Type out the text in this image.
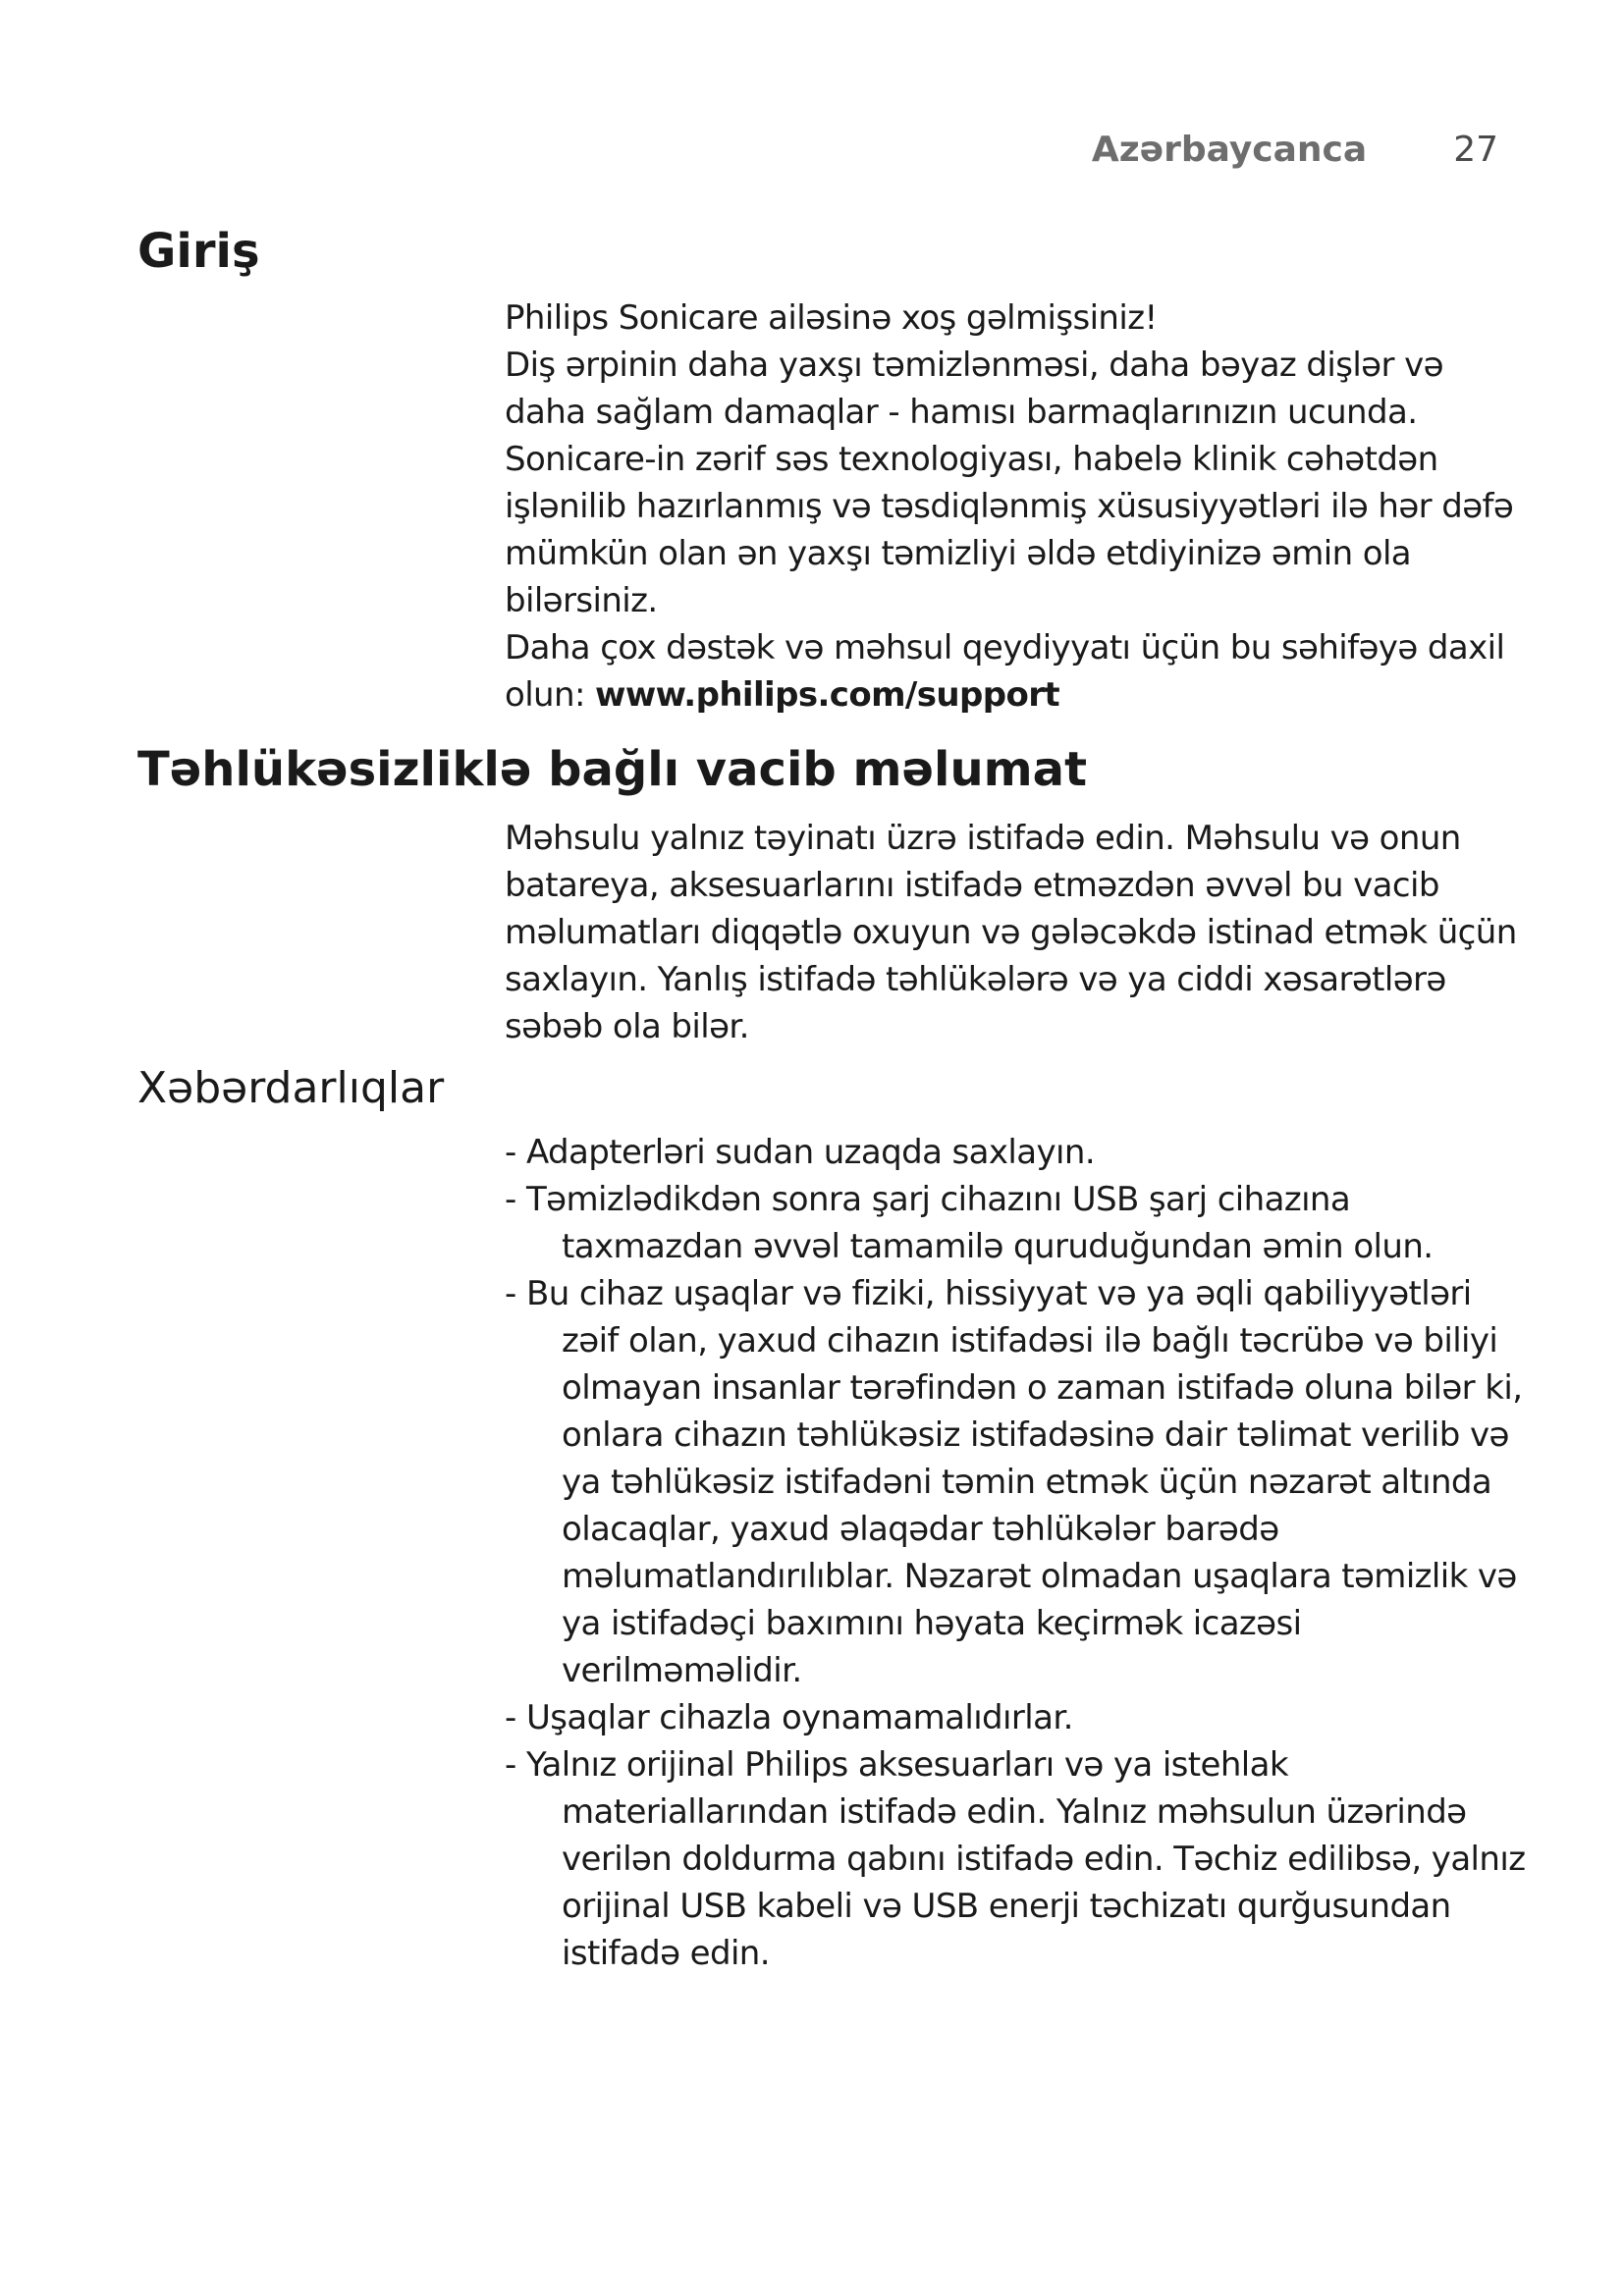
Azərbaycanca 27
Giriş

Philips Sonicare ailəsinə xoş gəlmişsiniz!

Diş ərpinin daha yaxşı təmizlənməsi, daha bəyaz dişlər və daha sağlam damaqlar - hamısı barmaqlarınızın ucunda. Sonicare-in zərif səs texnologiyası, habelə klinik cəhətdən işlənilib hazırlanmış və təsdiqlənmiş xüsusiyyətləri ilə hər dəfə mümkün olan ən yaxşı təmizliyi əldə etdiyinizə əmin ola bilərsiniz.

Daha çox dəstək və məhsul qeydiyyatı üçün bu səhifəyə daxil olun: www.philips.com/support

Təhlükəsizliklə bağlı vacib məlumat

Məhsulu yalnız təyinatı üzrə istifadə edin. Məhsulu və onun batareya, aksesuarlarını istifadə etməzdən əvvəl bu vacib məlumatları diqqətlə oxuyun və gələcəkdə istinad etmək üçün saxlayın. Yanlış istifadə təhlükələrə və ya ciddi xəsarətlərə səbəb ola bilər.

Xəbərdarlıqlar
- Adapterləri sudan uzaqda saxlayın.
- Təmizlədikdən sonra şarj cihazını USB şarj cihazına taxmazdan əvvəl tamamilə quruduğundan əmin olun.
- Bu cihaz uşaqlar və fiziki, hissiyyat və ya əqli qabiliyyətləri zəif olan, yaxud cihazın istifadəsi ilə bağlı təcrübə və biliyi olmayan insanlar tərəfindən o zaman istifadə oluna bilər ki, onlara cihazın təhlükəsiz istifadəsinə dair təlimat verilib və ya təhlükəsiz istifadəni təmin etmək üçün nəzarət altında olacaqlar, yaxud əlaqədar təhlükələr barədə məlumatlandırılıblar. Nəzarət olmadan uşaqlara təmizlik və ya istifadəçi baxımını həyata keçirmək icazəsi verilməməlidir.
- Uşaqlar cihazla oynamamalıdırlar.
- Yalnız orijinal Philips aksesuarları və ya istehlak materiallarından istifadə edin. Yalnız məhsulun üzərində verilən doldurma qabını istifadə edin. Təchiz edilibsə, yalnız orijinal USB kabeli və USB enerji təchizatı qurğusundan istifadə edin.
